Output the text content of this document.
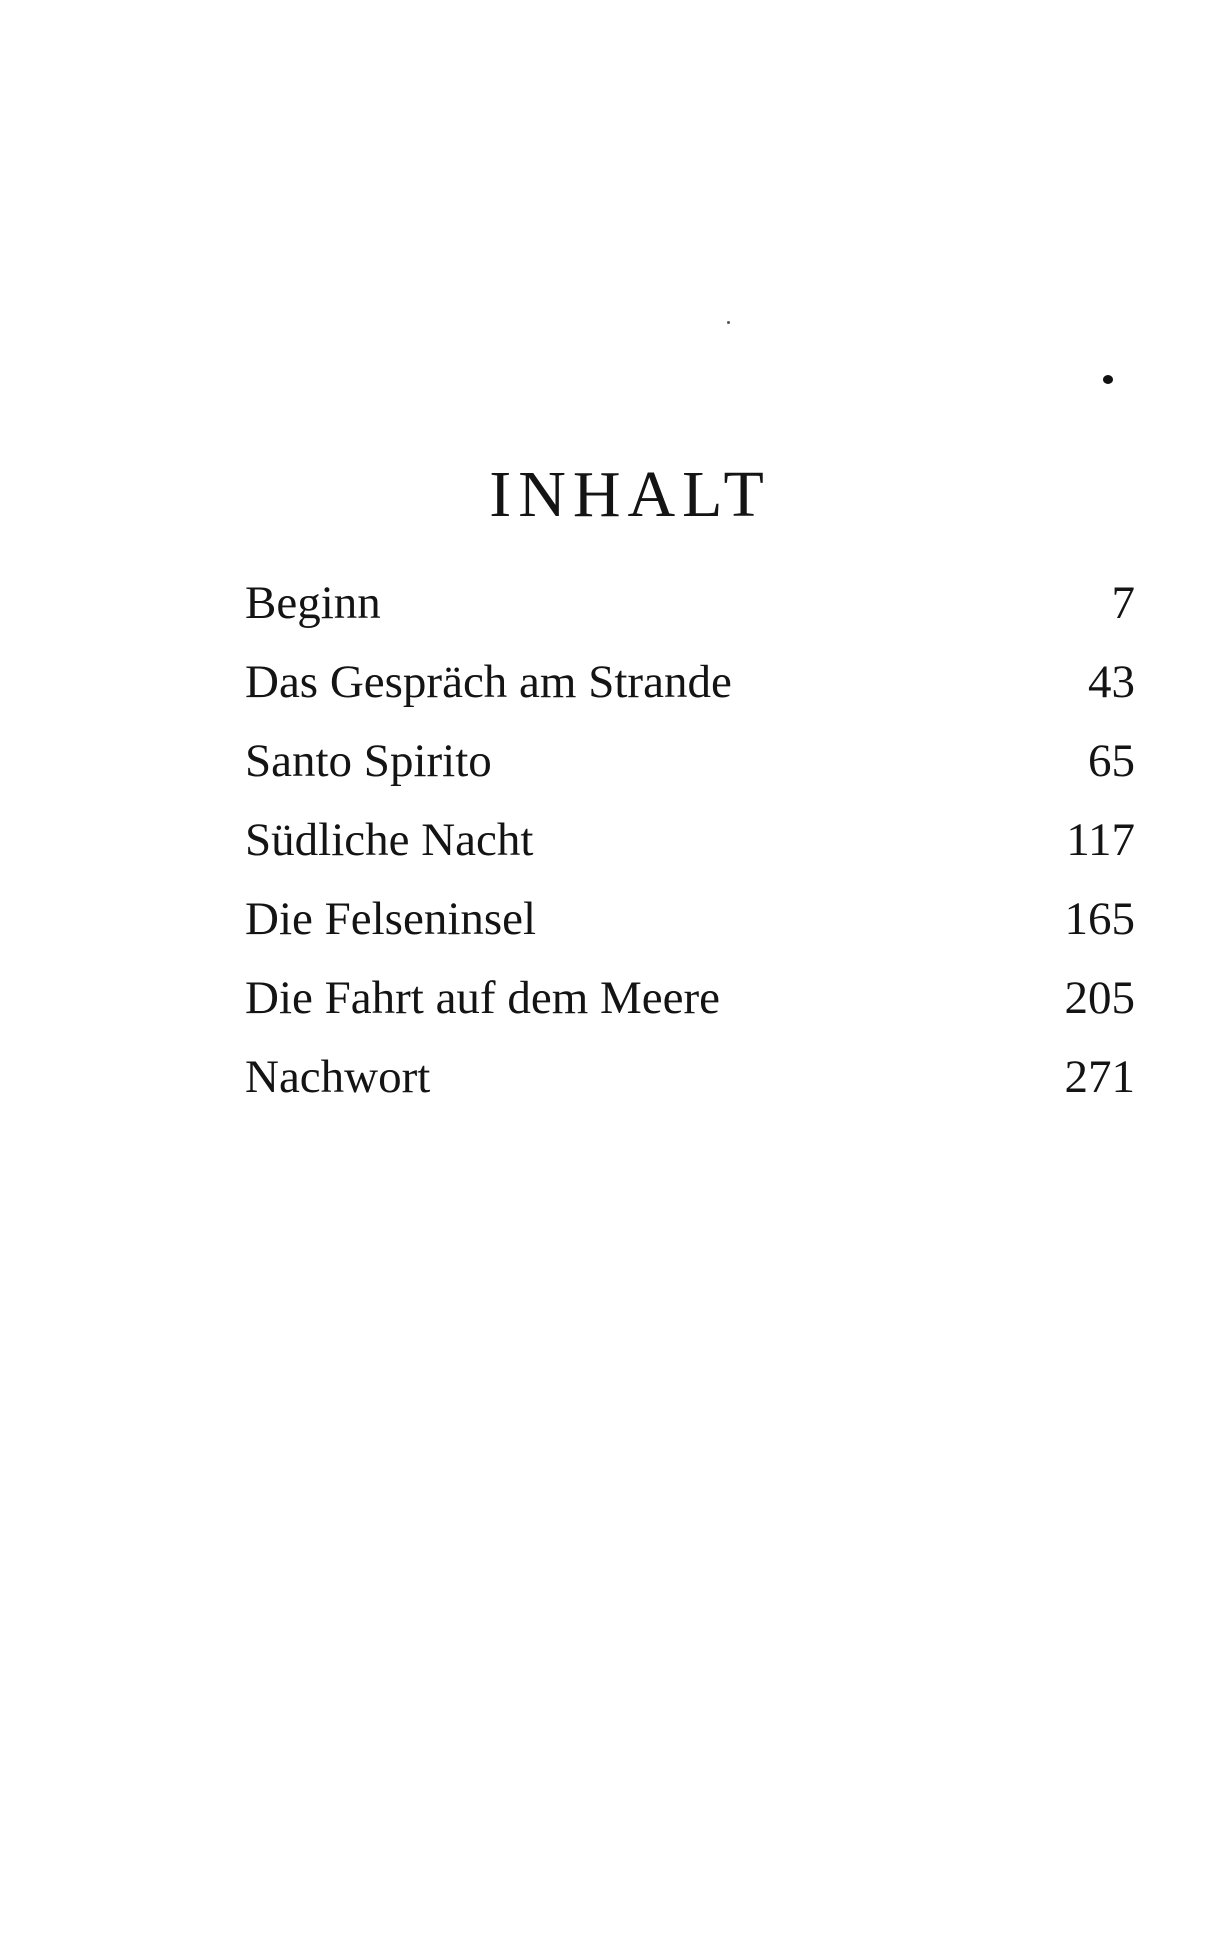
INHALT
Beginn	7
Das Gespräch am Strande	43
Santo Spirito	65
Südliche Nacht	117
Die Felseninsel	165
Die Fahrt auf dem Meere	205
Nachwort	271
